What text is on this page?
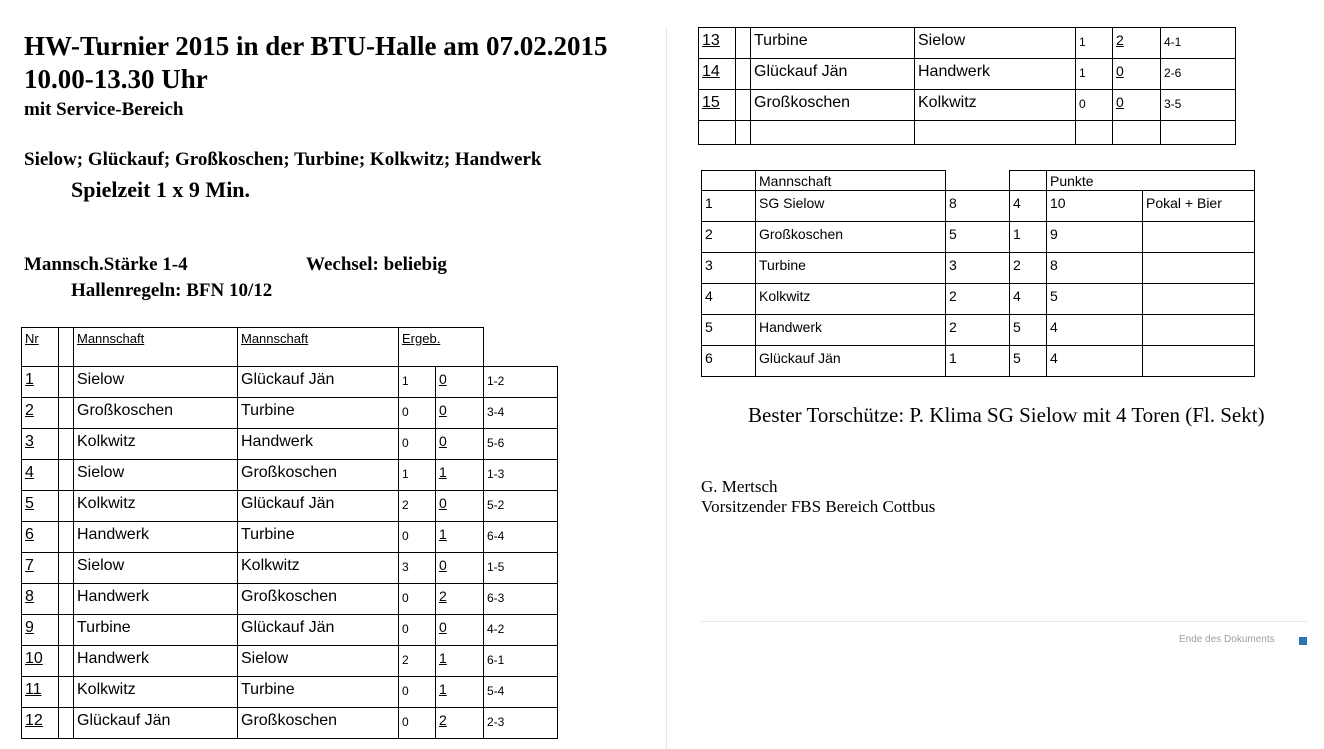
HW-Turnier 2015 in der BTU-Halle am 07.02.2015
10.00-13.30 Uhr
mit Service-Bereich
Sielow; Glückauf; Großkoschen; Turbine; Kolkwitz; Handwerk
Spielzeit 1 x 9 Min.
Mannsch.Stärke 1-4	Wechsel: beliebig
Hallenregeln: BFN 10/12
Nr		Mannschaft	Mannschaft	Ergeb.		
1		Sielow	Glückauf Jän	1	0	1-2
2		Großkoschen	Turbine	0	0	3-4
3		Kolkwitz	Handwerk	0	0	5-6
4		Sielow	Großkoschen	1	1	1-3
5		Kolkwitz	Glückauf Jän	2	0	5-2
6		Handwerk	Turbine	0	1	6-4
7		Sielow	Kolkwitz	3	0	1-5
8		Handwerk	Großkoschen	0	2	6-3
9		Turbine	Glückauf Jän	0	0	4-2
10		Handwerk	Sielow	2	1	6-1
11		Kolkwitz	Turbine	0	1	5-4
12		Glückauf Jän	Großkoschen	0	2	2-3
13		Turbine	Sielow	1	2	4-1
14		Glückauf Jän	Handwerk	1	0	2-6
15		Großkoschen	Kolkwitz	0	0	3-5

	Mannschaft			Punkte	
1	SG Sielow	8	4	10	Pokal + Bier
2	Großkoschen	5	1	9	
3	Turbine	3	2	8	
4	Kolkwitz	2	4	5	
5	Handwerk	2	5	4	
6	Glückauf Jän	1	5	4	
Bester Torschütze: P. Klima SG Sielow mit 4 Toren (Fl. Sekt)
G. Mertsch
Vorsitzender FBS Bereich Cottbus
Ende des Dokuments
